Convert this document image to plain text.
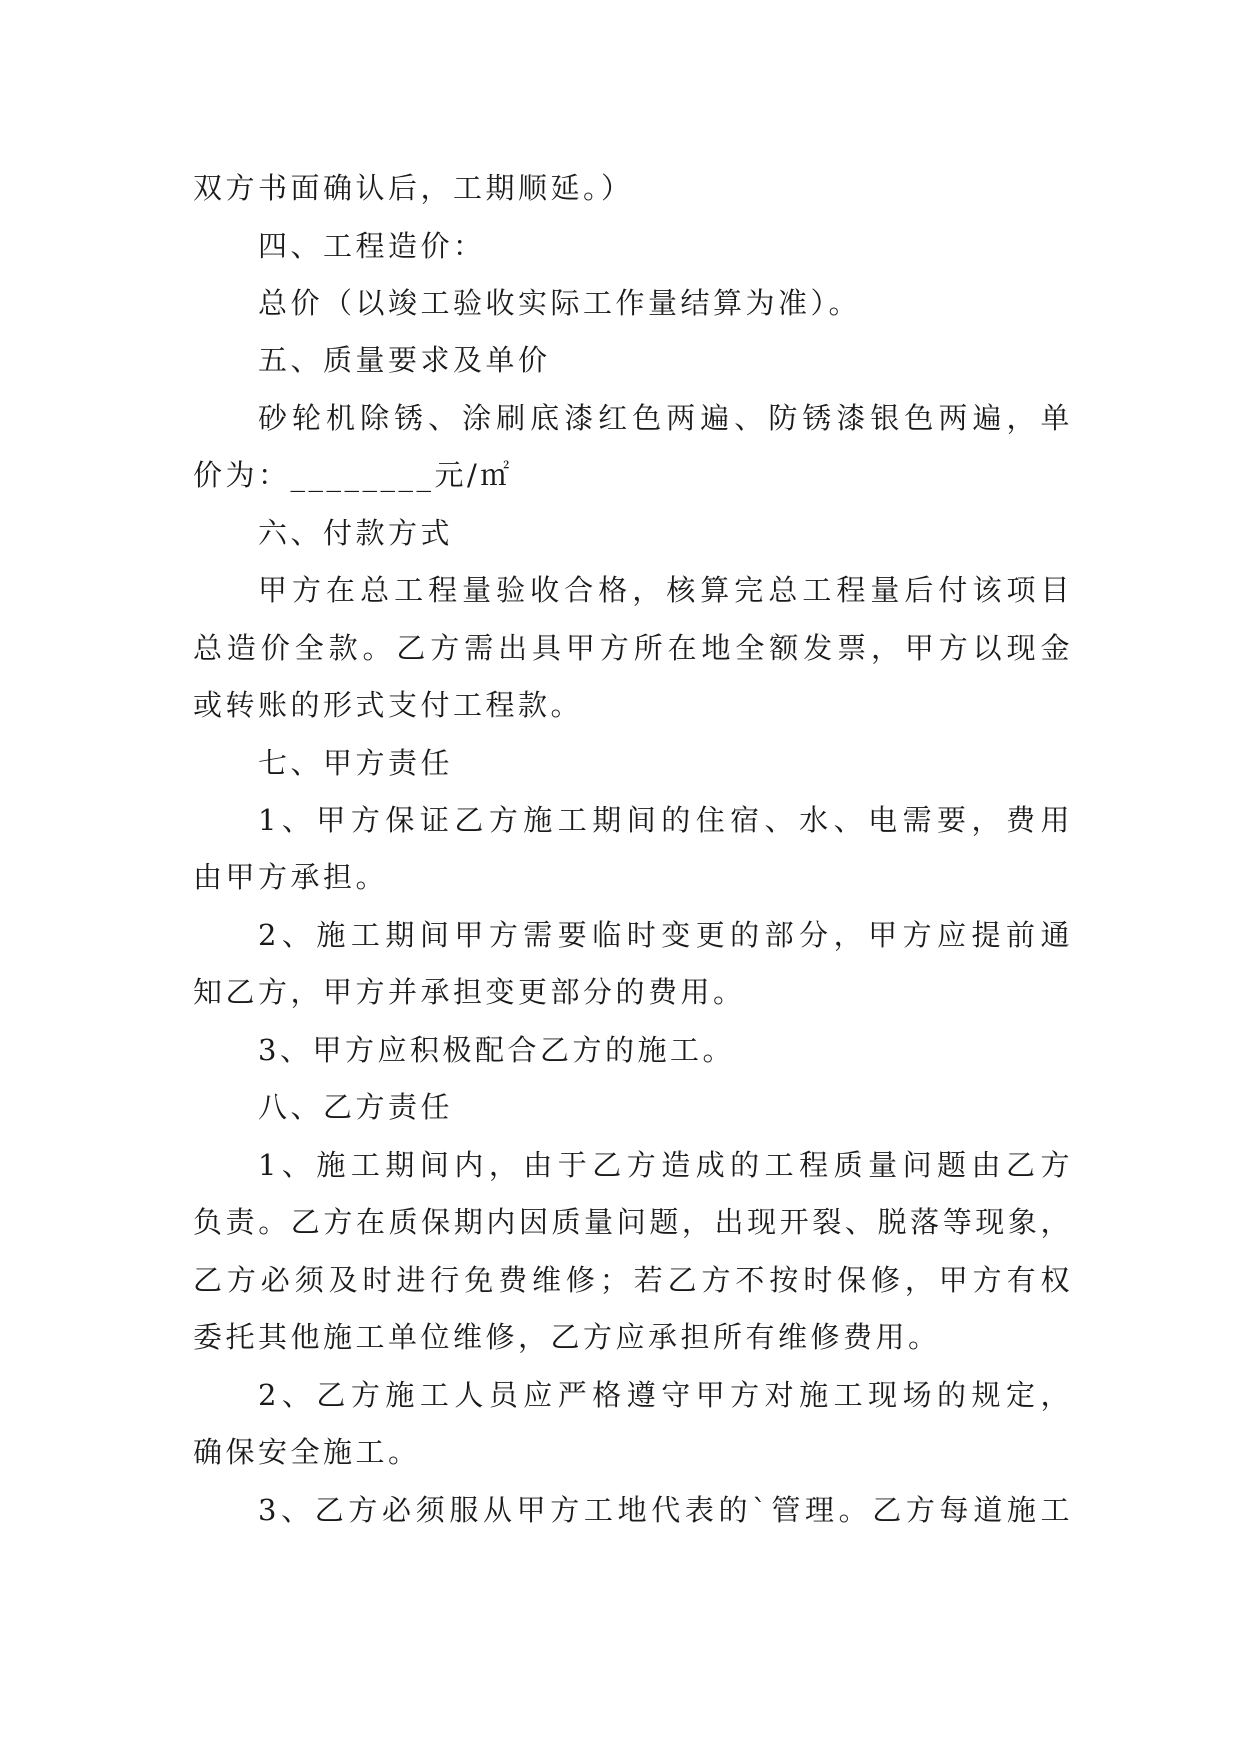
双方书面确认后，工期顺延。）
四、工程造价：
总价（以竣工验收实际工作量结算为准）。
五、质量要求及单价
砂轮机除锈、涂刷底漆红色两遍、防锈漆银色两遍，单
价为：________元/㎡
六、付款方式
甲方在总工程量验收合格，核算完总工程量后付该项目
总造价全款。乙方需出具甲方所在地全额发票，甲方以现金
或转账的形式支付工程款。
七、甲方责任
1、甲方保证乙方施工期间的住宿、水、电需要，费用
由甲方承担。
2、施工期间甲方需要临时变更的部分，甲方应提前通
知乙方，甲方并承担变更部分的费用。
3、甲方应积极配合乙方的施工。
八、乙方责任
1、施工期间内，由于乙方造成的工程质量问题由乙方
负责。乙方在质保期内因质量问题，出现开裂、脱落等现象，
乙方必须及时进行免费维修；若乙方不按时保修，甲方有权
委托其他施工单位维修，乙方应承担所有维修费用。
2、乙方施工人员应严格遵守甲方对施工现场的规定，
确保安全施工。
3、乙方必须服从甲方工地代表的`管理。乙方每道施工
